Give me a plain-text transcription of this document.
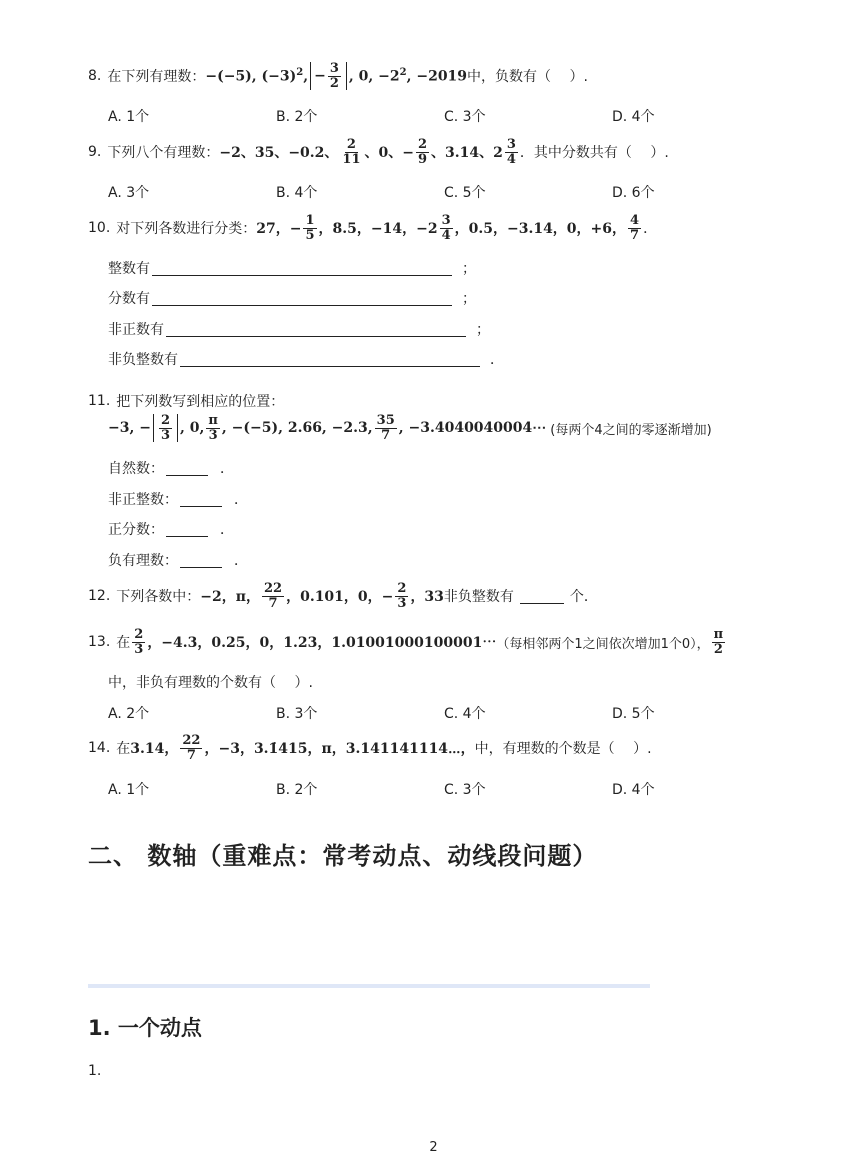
8. 在下列有理数： −(−5), $(-3)^2$, − $\frac{3}{2}$ , 0, $-2^2$, −2019 中，负数有（　 ）.
A. 1个	B. 2个	C. 3个	D. 4个
9. 下列八个有理数： −2、35、−0.2、 $\frac{2}{11}$ 、0、− $\frac{2}{9}$ 、3.14、$2 \frac{3}{4}$ ．其中分数共有（　 ）.
A. 3个	B. 4个	C. 5个	D. 6个
10. 对下列各数进行分类： 27，− $\frac{1}{5}$ ，8.5，−14，$-2 \frac{3}{4}$ ，0.5，−3.14，0，+6， $\frac{4}{7}$ ．
整数有	；
分数有	；
非正数有	；
非负整数有	．
11. 把下列数写到相应的位置：
−3, − $\frac{2}{3}$ , 0, $\frac{\pi}{3}$ , −(−5), 2.66, −2.3, $\frac{35}{7}$ , −3.4040040004⋯ (每两个4之间的零逐渐增加)
自然数：	．
非正整数：	．
正分数：	．
负有理数：	．
12. 下列各数中： −2，π， $\frac{22}{7}$ ，0.101，0，− $\frac{2}{3}$ ，33 非负整数有	个．
13. 在 $\frac{2}{3}$ ，−4.3，0.25，0，1.23，1.01001000100001⋯ （每相邻两个1之间依次增加1个0）， $\frac{\pi}{2}$
中，非负有理数的个数有（　 ）.
A. 2个	B. 3个	C. 4个	D. 5个
14. 在 3.14， $\frac{22}{7}$ ，−3，3.1̇415̇，π，3.141141114⋯， 中，有理数的个数是（　 ）.
A. 1个	B. 2个	C. 3个	D. 4个
二、 数轴（重难点：常考动点、动线段问题）
1. 一个动点
1.
2
